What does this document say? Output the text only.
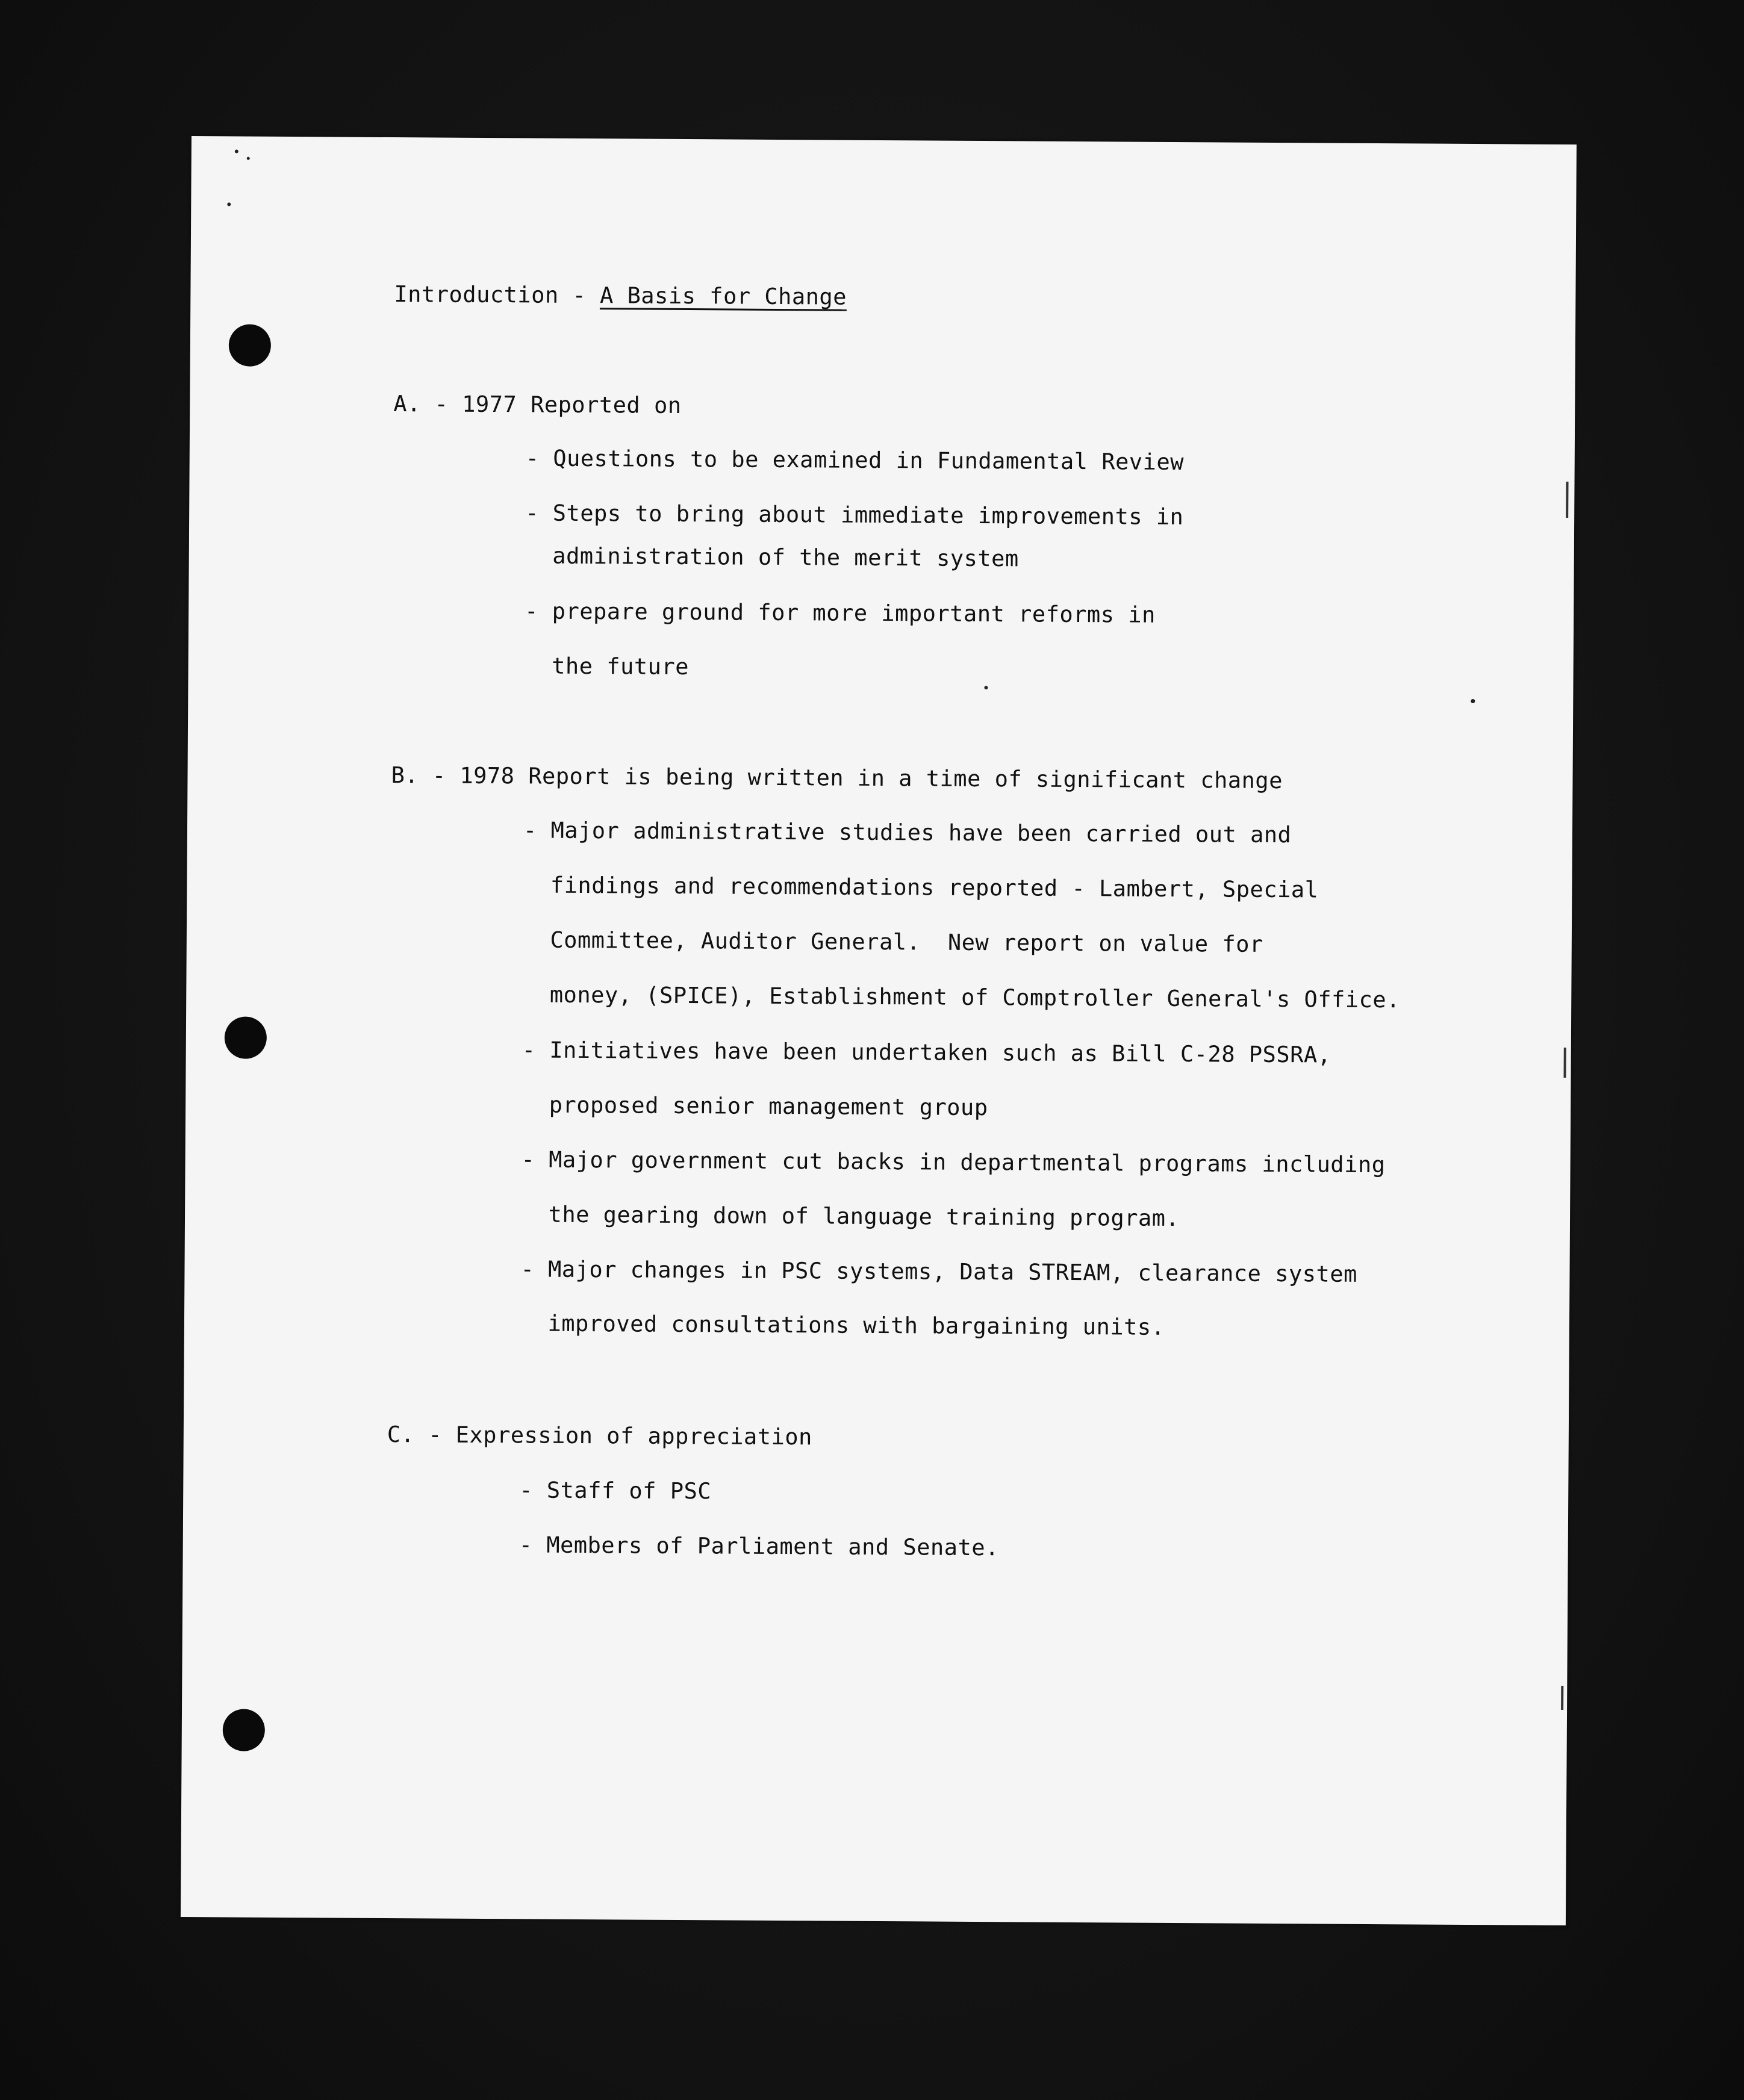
Introduction - A Basis for Change
A. - 1977 Reported on
- Questions to be examined in Fundamental Review
- Steps to bring about immediate improvements in
administration of the merit system
- prepare ground for more important reforms in
the future
B. - 1978 Report is being written in a time of significant change
- Major administrative studies have been carried out and
findings and recommendations reported - Lambert, Special
Committee, Auditor General.  New report on value for
money, (SPICE), Establishment of Comptroller General's Office.
- Initiatives have been undertaken such as Bill C-28 PSSRA,
proposed senior management group
- Major government cut backs in departmental programs including
the gearing down of language training program.
- Major changes in PSC systems, Data STREAM, clearance system
improved consultations with bargaining units.
C. - Expression of appreciation
- Staff of PSC
- Members of Parliament and Senate.
